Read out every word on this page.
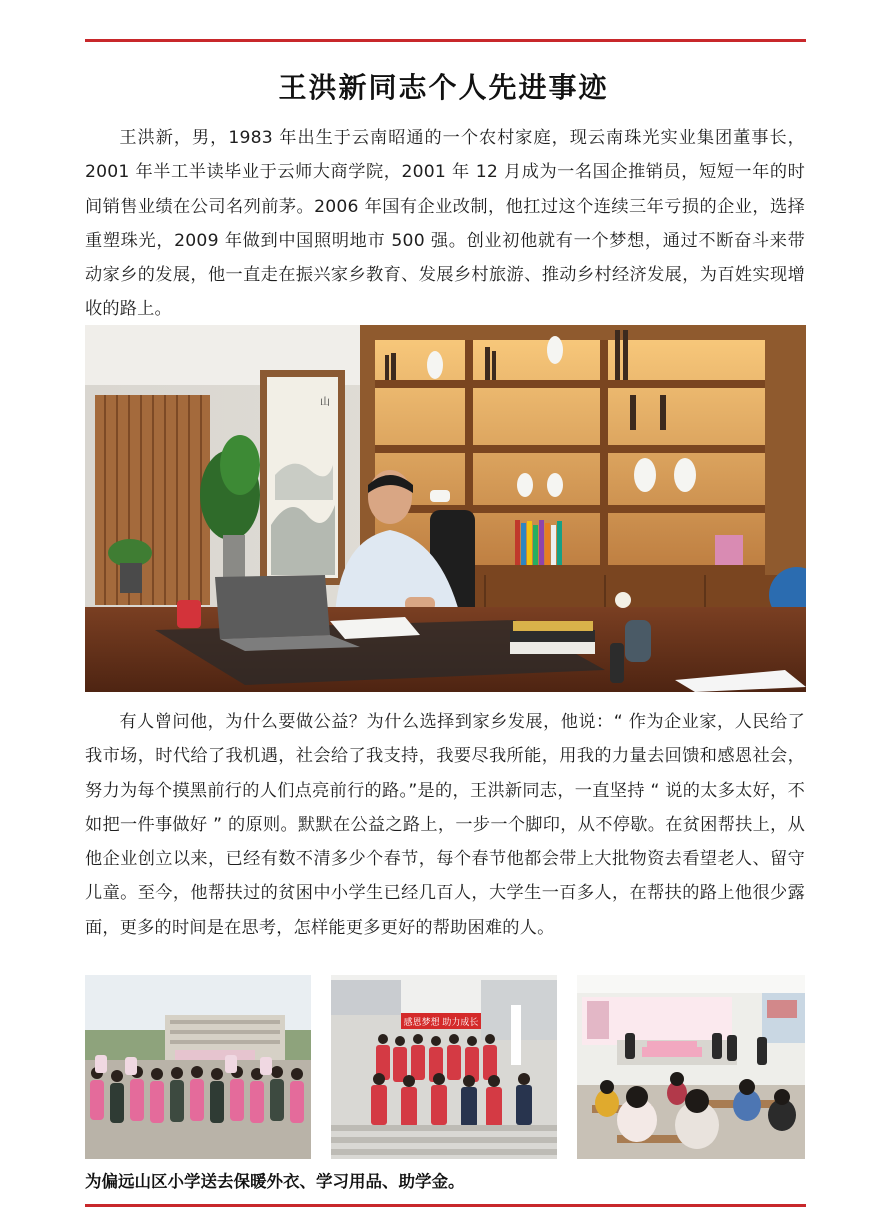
王洪新同志个人先进事迹

王洪新，男，1983 年出生于云南昭通的一个农村家庭，现云南珠光实业集团董事长，2001 年半工半读毕业于云师大商学院，2001 年 12 月成为一名国企推销员，短短一年的时间销售业绩在公司名列前茅。2006 年国有企业改制，他扛过这个连续三年亏损的企业，选择重塑珠光，2009 年做到中国照明地市 500 强。创业初他就有一个梦想，通过不断奋斗来带动家乡的发展，他一直走在振兴家乡教育、发展乡村旅游、推动乡村经济发展，为百姓实现增收的路上。

山

有人曾问他，为什么要做公益？为什么选择到家乡发展，他说：“ 作为企业家，人民给了我市场，时代给了我机遇，社会给了我支持，我要尽我所能，用我的力量去回馈和感恩社会，努力为每个摸黑前行的人们点亮前行的路。”是的，王洪新同志，一直坚持 “ 说的太多太好，不如把一件事做好 ” 的原则。默默在公益之路上，一步一个脚印，从不停歇。在贫困帮扶上，从他企业创立以来，已经有数不清多少个春节，每个春节他都会带上大批物资去看望老人、留守儿童。至今，他帮扶过的贫困中小学生已经几百人，大学生一百多人，在帮扶的路上他很少露面，更多的时间是在思考，怎样能更多更好的帮助困难的人。

感恩梦想 助力成长
为偏远山区小学送去保暖外衣、学习用品、助学金。
